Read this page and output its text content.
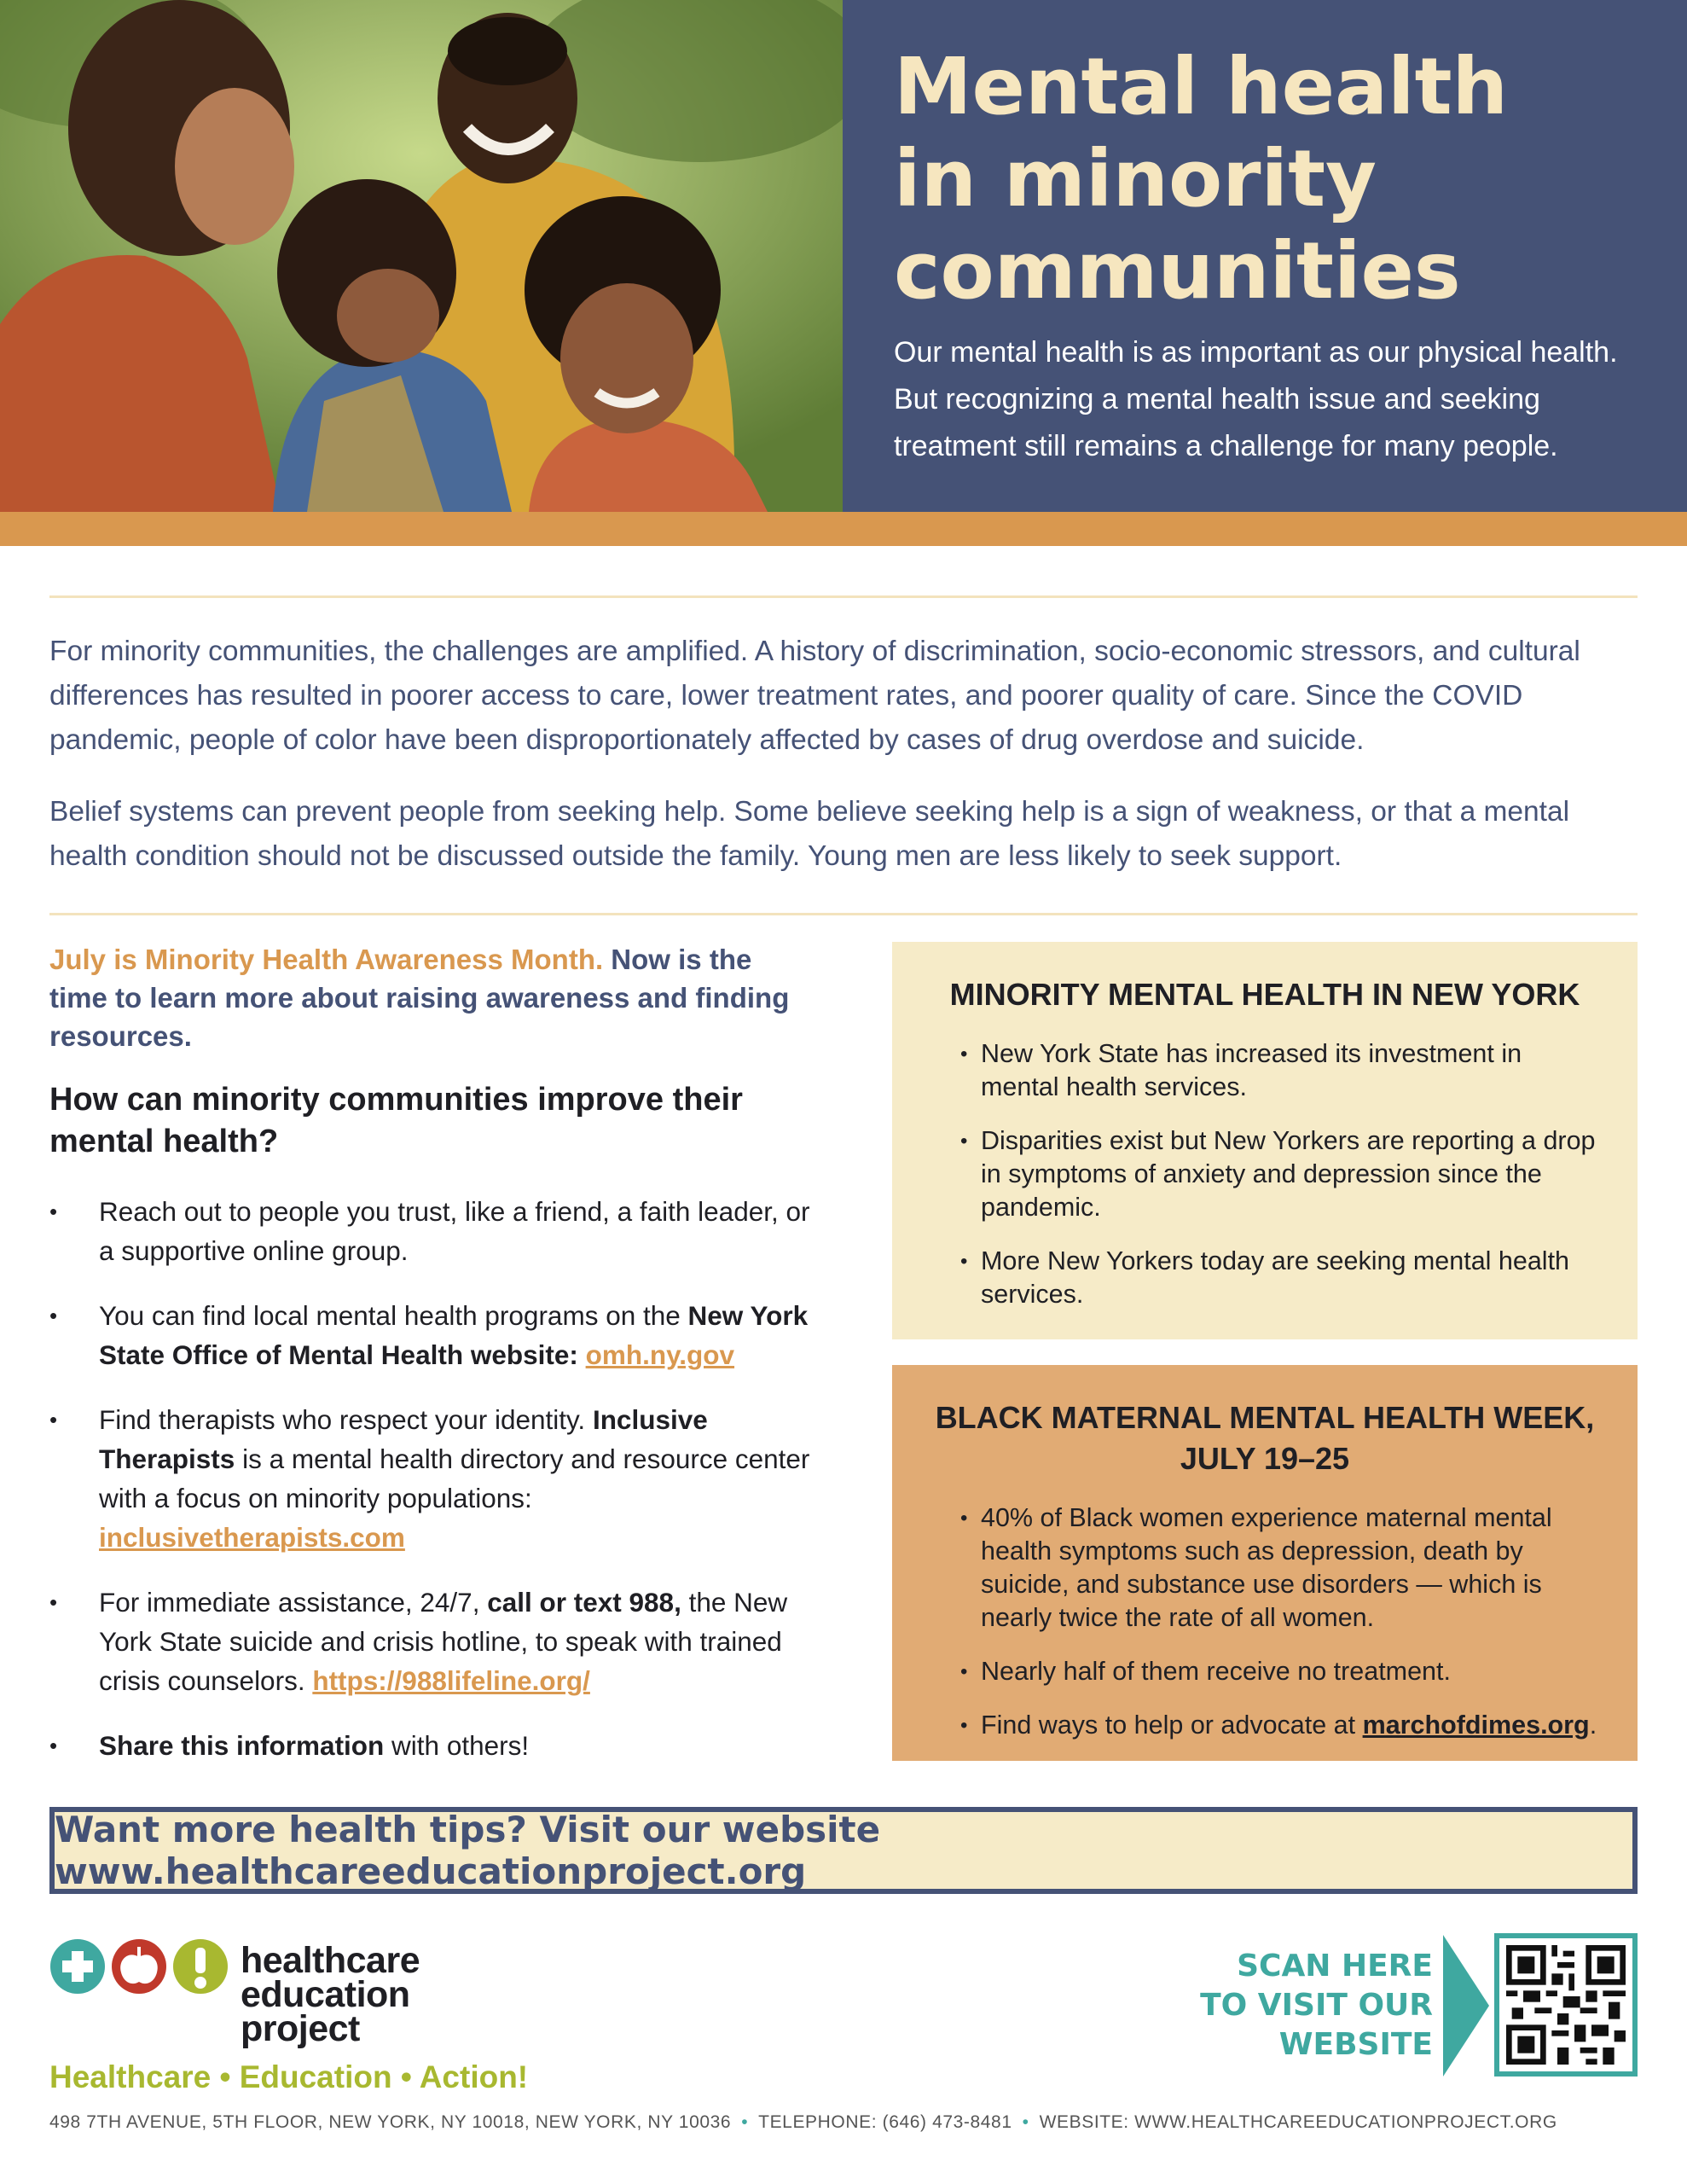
Mental health
in minority
communities

Our mental health is as important as our physical health. But recognizing a mental health issue and seeking treatment still remains a challenge for many people.

For minority communities, the challenges are amplified. A history of discrimination, socio-economic stressors, and cultural differences has resulted in poorer access to care, lower treatment rates, and poorer quality of care. Since the COVID pandemic, people of color have been disproportionately affected by cases of drug overdose and suicide.

Belief systems can prevent people from seeking help. Some believe seeking help is a sign of weakness, or that a mental health condition should not be discussed outside the family. Young men are less likely to seek support.

July is Minority Health Awareness Month. Now is the time to learn more about raising awareness and finding resources.

How can minority communities improve their mental health?
• Reach out to people you trust, like a friend, a faith leader, or a supportive online group.
• You can find local mental health programs on the New York State Office of Mental Health website: omh.ny.gov
• Find therapists who respect your identity. Inclusive Therapists is a mental health directory and resource center with a focus on minority populations: inclusivetherapists.com
• For immediate assistance, 24/7, call or text 988, the New York State suicide and crisis hotline, to speak with trained crisis counselors. https://988lifeline.org/
• Share this information with others!
MINORITY MENTAL HEALTH IN NEW YORK
• New York State has increased its investment in mental health services.
• Disparities exist but New Yorkers are reporting a drop in symptoms of anxiety and depression since the pandemic.
• More New Yorkers today are seeking mental health services.
BLACK MATERNAL MENTAL HEALTH WEEK,
JULY 19–25
• 40% of Black women experience maternal mental health symptoms such as depression, death by suicide, and substance use disorders — which is nearly twice the rate of all women.
• Nearly half of them receive no treatment.
• Find ways to help or advocate at marchofdimes.org.
Want more health tips? Visit our website www.healthcareeducationproject.org

healthcare
education
project

Healthcare • Education • Action!

SCAN HERE
TO VISIT OUR
WEBSITE

498 7TH AVENUE, 5TH FLOOR, NEW YORK, NY 10018, NEW YORK, NY 10036 • TELEPHONE: (646) 473-8481 • WEBSITE: WWW.HEALTHCAREEDUCATIONPROJECT.ORG
